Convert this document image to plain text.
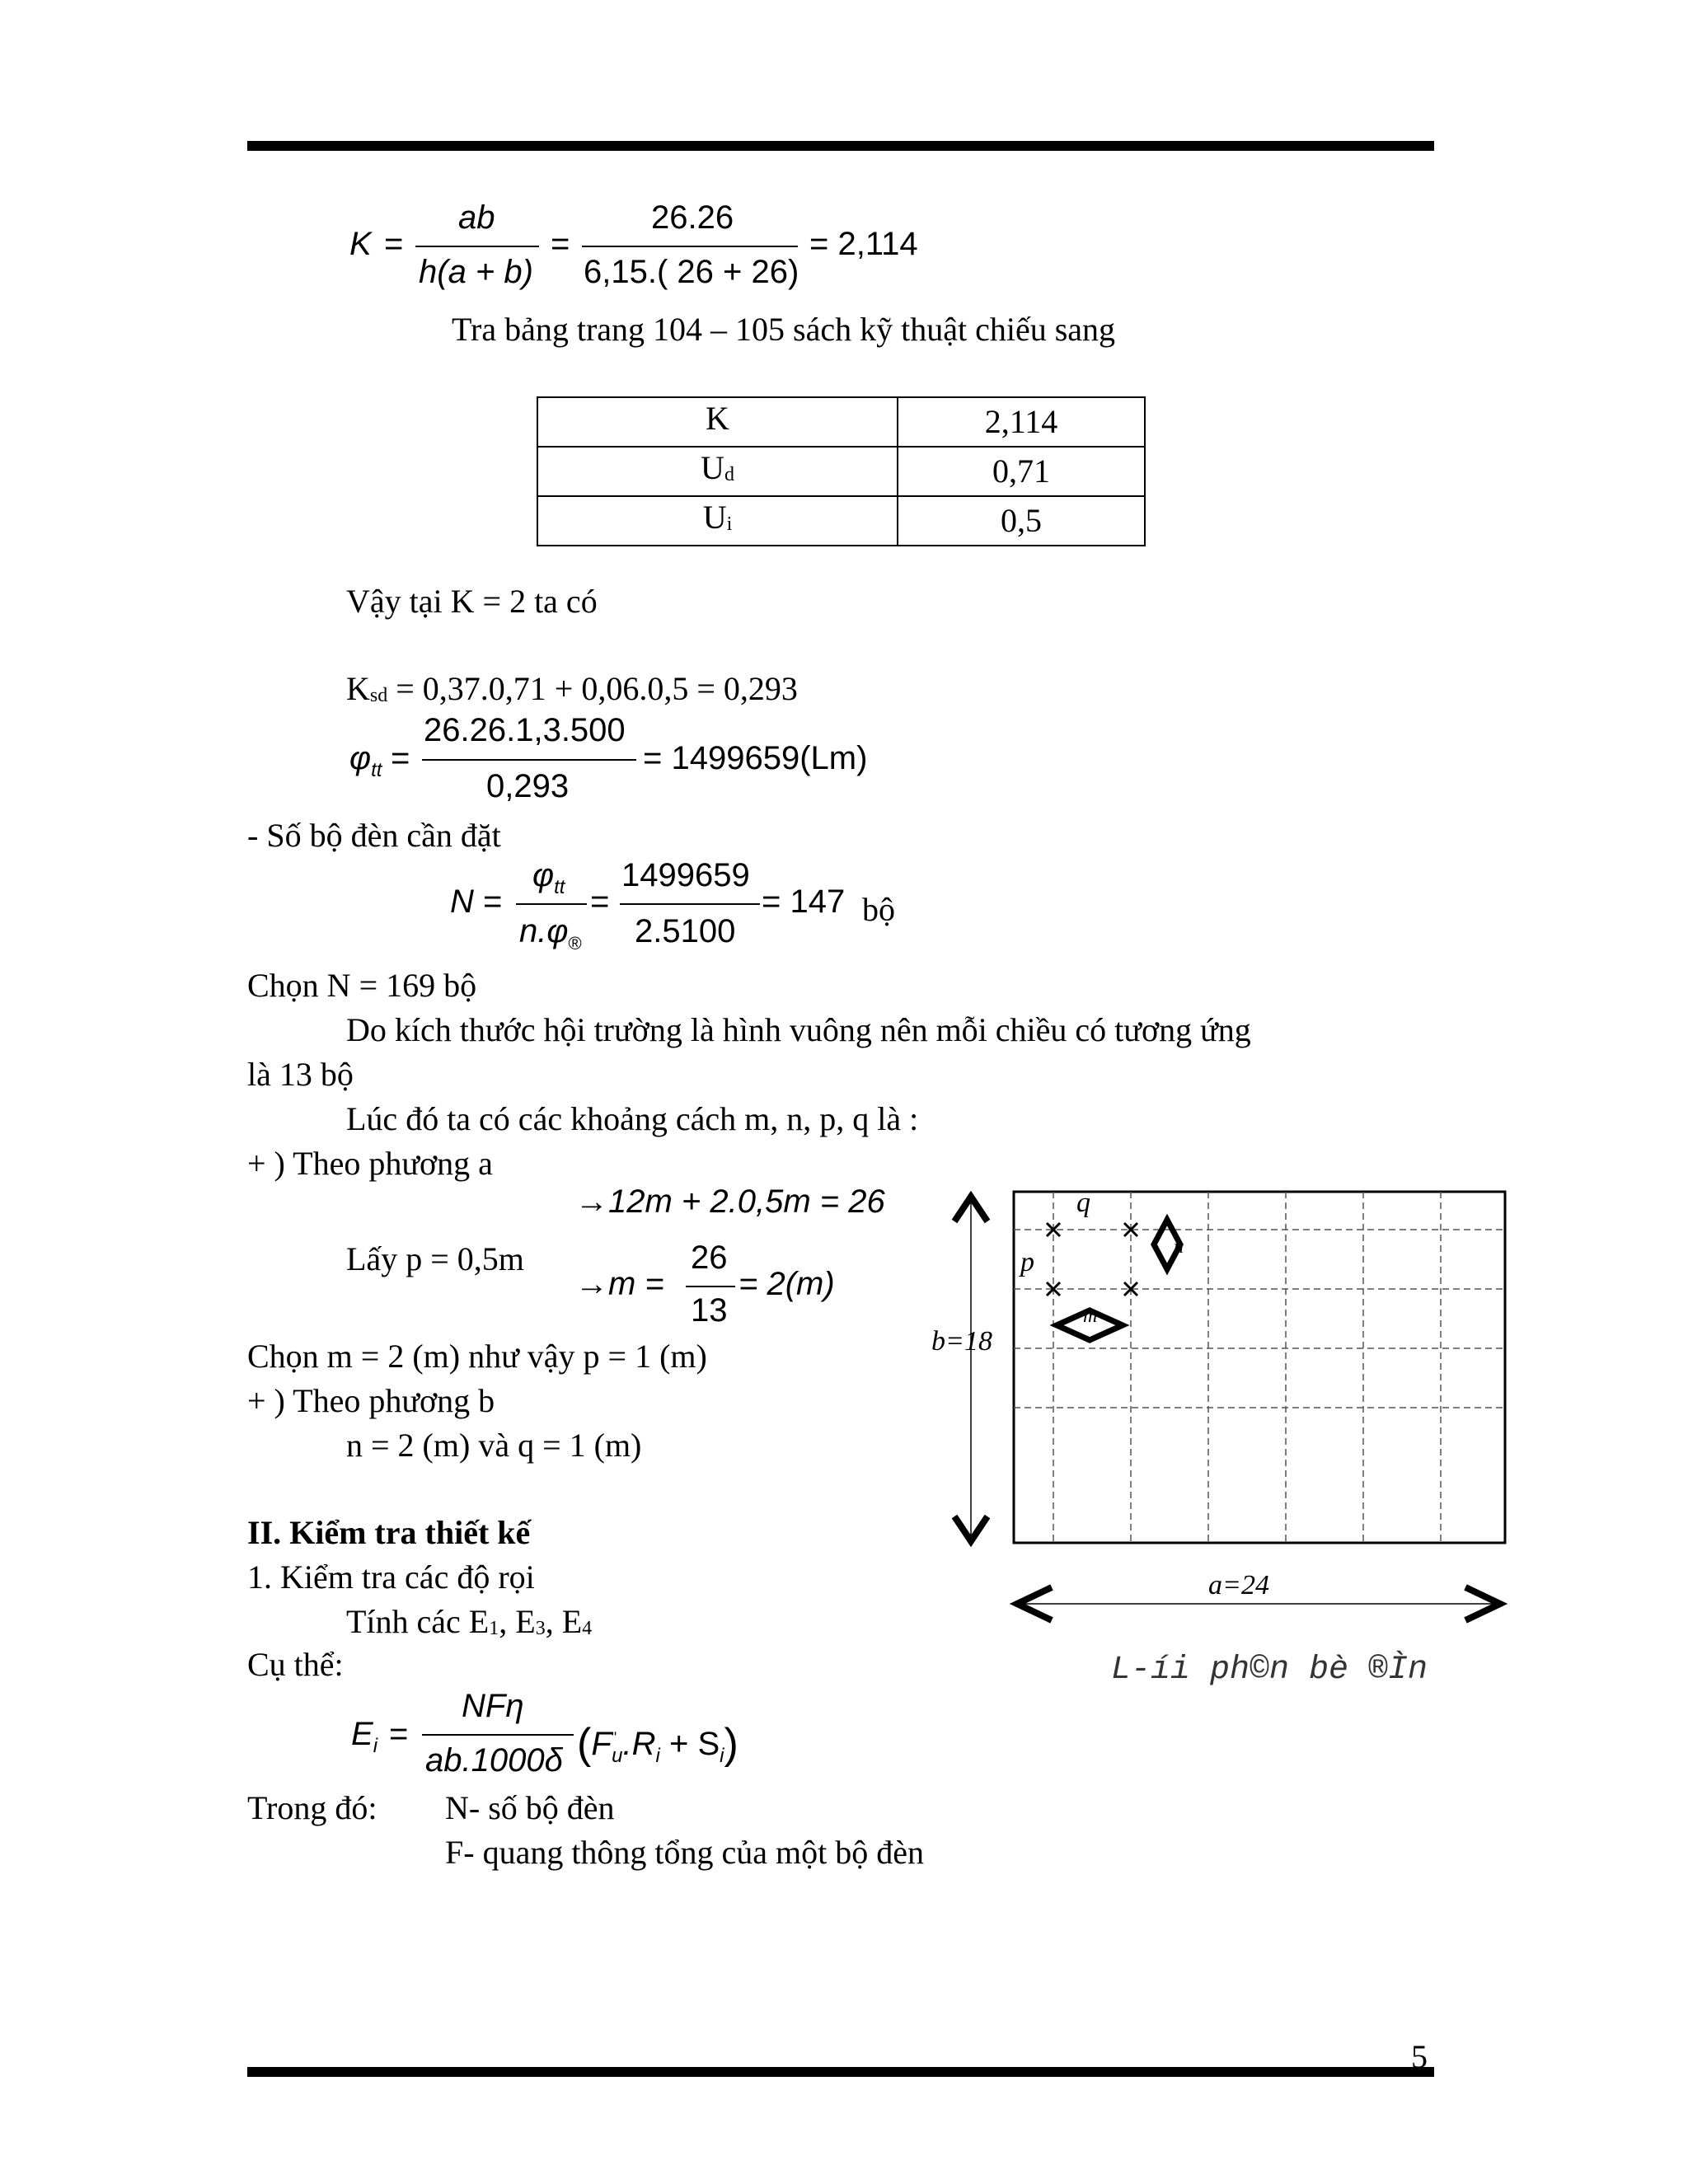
5
K =
ab
h(a + b)
=
26.26
6,15.( 26 + 26)
= 2,114
Tra bảng trang 104 – 105 sách kỹ thuật chiếu sang
K	2,114
$U_d$	0,71
$U_i$	0,5
Vậy tại K = 2 ta có
$K_{sd} = 0,37.0,71 + 0,06.0,5 = 0,293$
$\varphi_{tt}$ =
26.26.1,3.500
0,293
= 1499659(Lm)
- Số bộ đèn cần đặt
N =
$\varphi_{tt}$
$n.\varphi_®$
=
1499659
2.5100
= 147 bộ
Chọn N = 169 bộ
Do kích thước hội trường là hình vuông nên mỗi chiều có tương ứng
là 13 bộ
Lúc đó ta có các khoảng cách m, n, p, q là :
+ ) Theo phương a
→12m + 2.0,5m = 26
Lấy p = 0,5m
→m =
26
13
= 2(m)
Chọn m = 2 (m) như vậy p = 1 (m)
+ ) Theo phương b
n = 2 (m) và q = 1 (m)
II. Kiểm tra thiết kế
1. Kiểm tra các độ rọi
Tính các $E_1$, $E_3$, $E_4$
Cụ thể:
$E_i$ =
NFη
ab.1000δ $(F^"_u.R_i + S_i)$
Trong đó: N- số bộ đèn
F- quang thông tổng của một bộ đèn
q
p	n
m
b=18
a=24
L-íi ph©n bè ®Ìn
